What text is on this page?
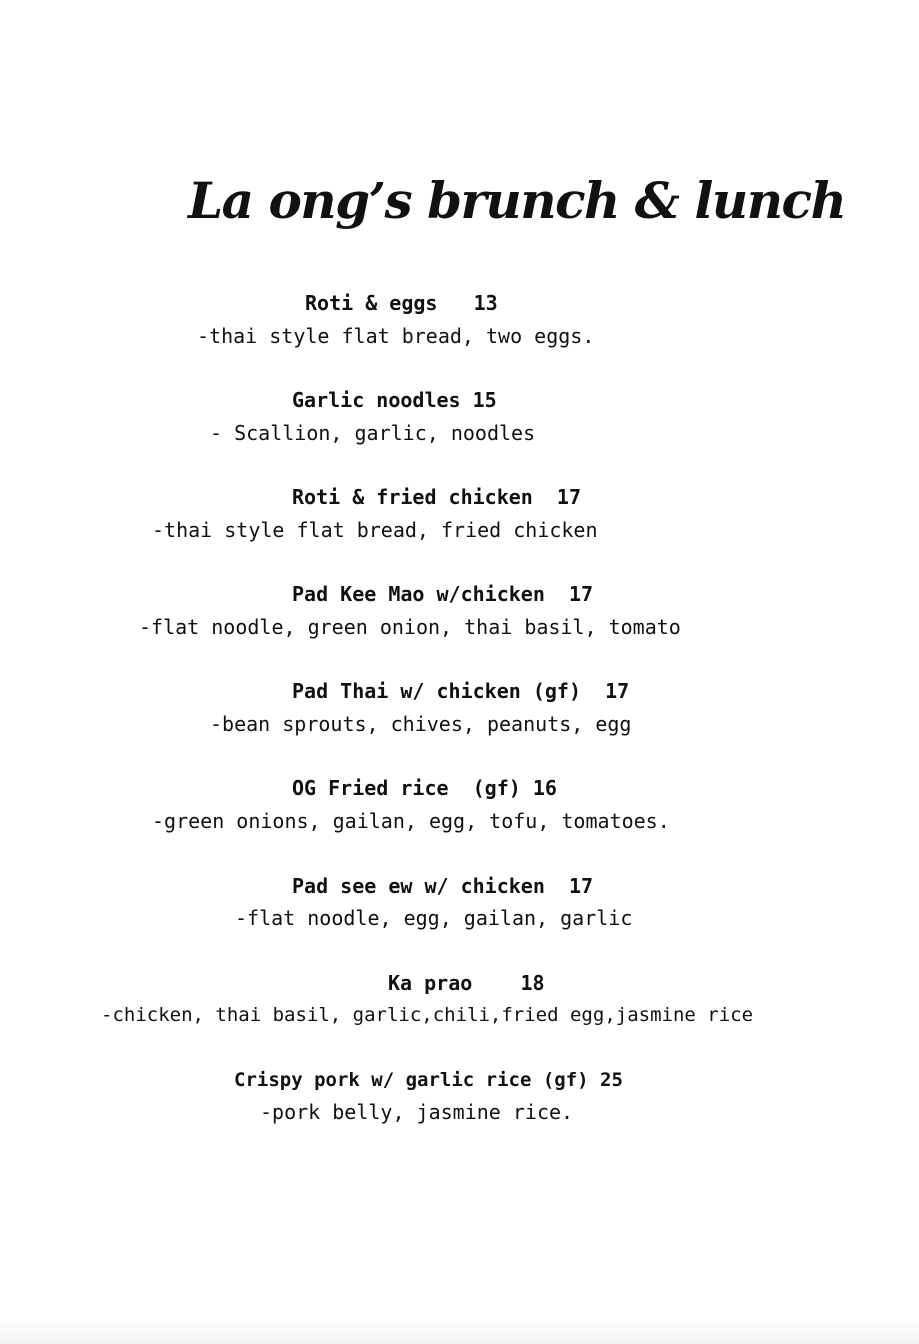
La ong’s brunch & lunch

Roti & eggs   13

-thai style flat bread, two eggs.

Garlic noodles 15

- Scallion, garlic, noodles

Roti & fried chicken  17

-thai style flat bread, fried chicken

Pad Kee Mao w/chicken  17

-flat noodle, green onion, thai basil, tomato

Pad Thai w/ chicken (gf)  17

-bean sprouts, chives, peanuts, egg

OG Fried rice  (gf) 16

-green onions, gailan, egg, tofu, tomatoes.

Pad see ew w/ chicken  17

-flat noodle, egg, gailan, garlic

Ka prao    18

-chicken, thai basil, garlic,chili,fried egg,jasmine rice

Crispy pork w/ garlic rice (gf) 25

-pork belly, jasmine rice.
